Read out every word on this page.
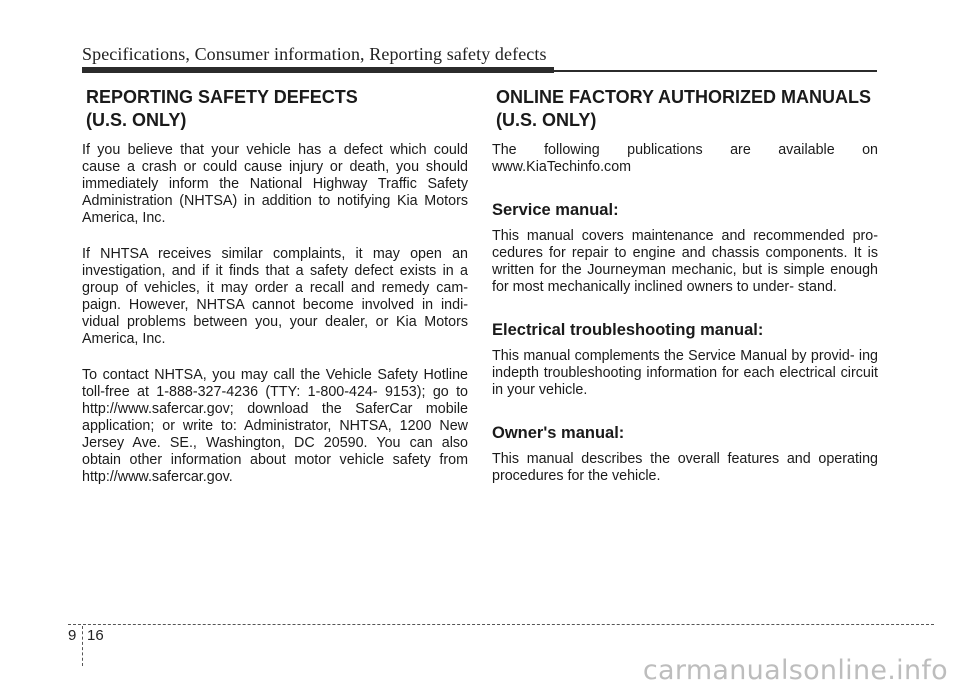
Specifications, Consumer information, Reporting safety defects
REPORTING SAFETY DEFECTS
(U.S. ONLY)

If you believe that your vehicle has a defect which could cause a crash or could cause injury or death, you should immediately inform the National Highway Traffic Safety Administration (NHTSA) in addition to notifying Kia Motors America, Inc.

If NHTSA receives similar complaints, it may open an investigation, and if it finds that a safety defect exists in a group of vehicles, it may order a recall and remedy cam- paign. However, NHTSA cannot become involved in indi- vidual problems between you, your dealer, or Kia Motors America, Inc.

To contact NHTSA, you may call the Vehicle Safety Hotline toll-free at 1-888-327-4236 (TTY: 1-800-424- 9153); go to http://www.safercar.gov; download the SaferCar mobile application; or write to: Administrator, NHTSA, 1200 New Jersey Ave. SE., Washington, DC 20590. You can also obtain other information about motor vehicle safety from http://www.safercar.gov.

ONLINE FACTORY AUTHORIZED MANUALS
(U.S. ONLY)

The following publications are available on www.KiaTechinfo.com

Service manual:

This manual covers maintenance and recommended pro- cedures for repair to engine and chassis components. It is written for the Journeyman mechanic, but is simple enough for most mechanically inclined owners to under- stand.

Electrical troubleshooting manual:

This manual complements the Service Manual by provid- ing indepth troubleshooting information for each electrical circuit in your vehicle.

Owner's manual:

This manual describes the overall features and operating procedures for the vehicle.

9 16
carmanualsonline.info
